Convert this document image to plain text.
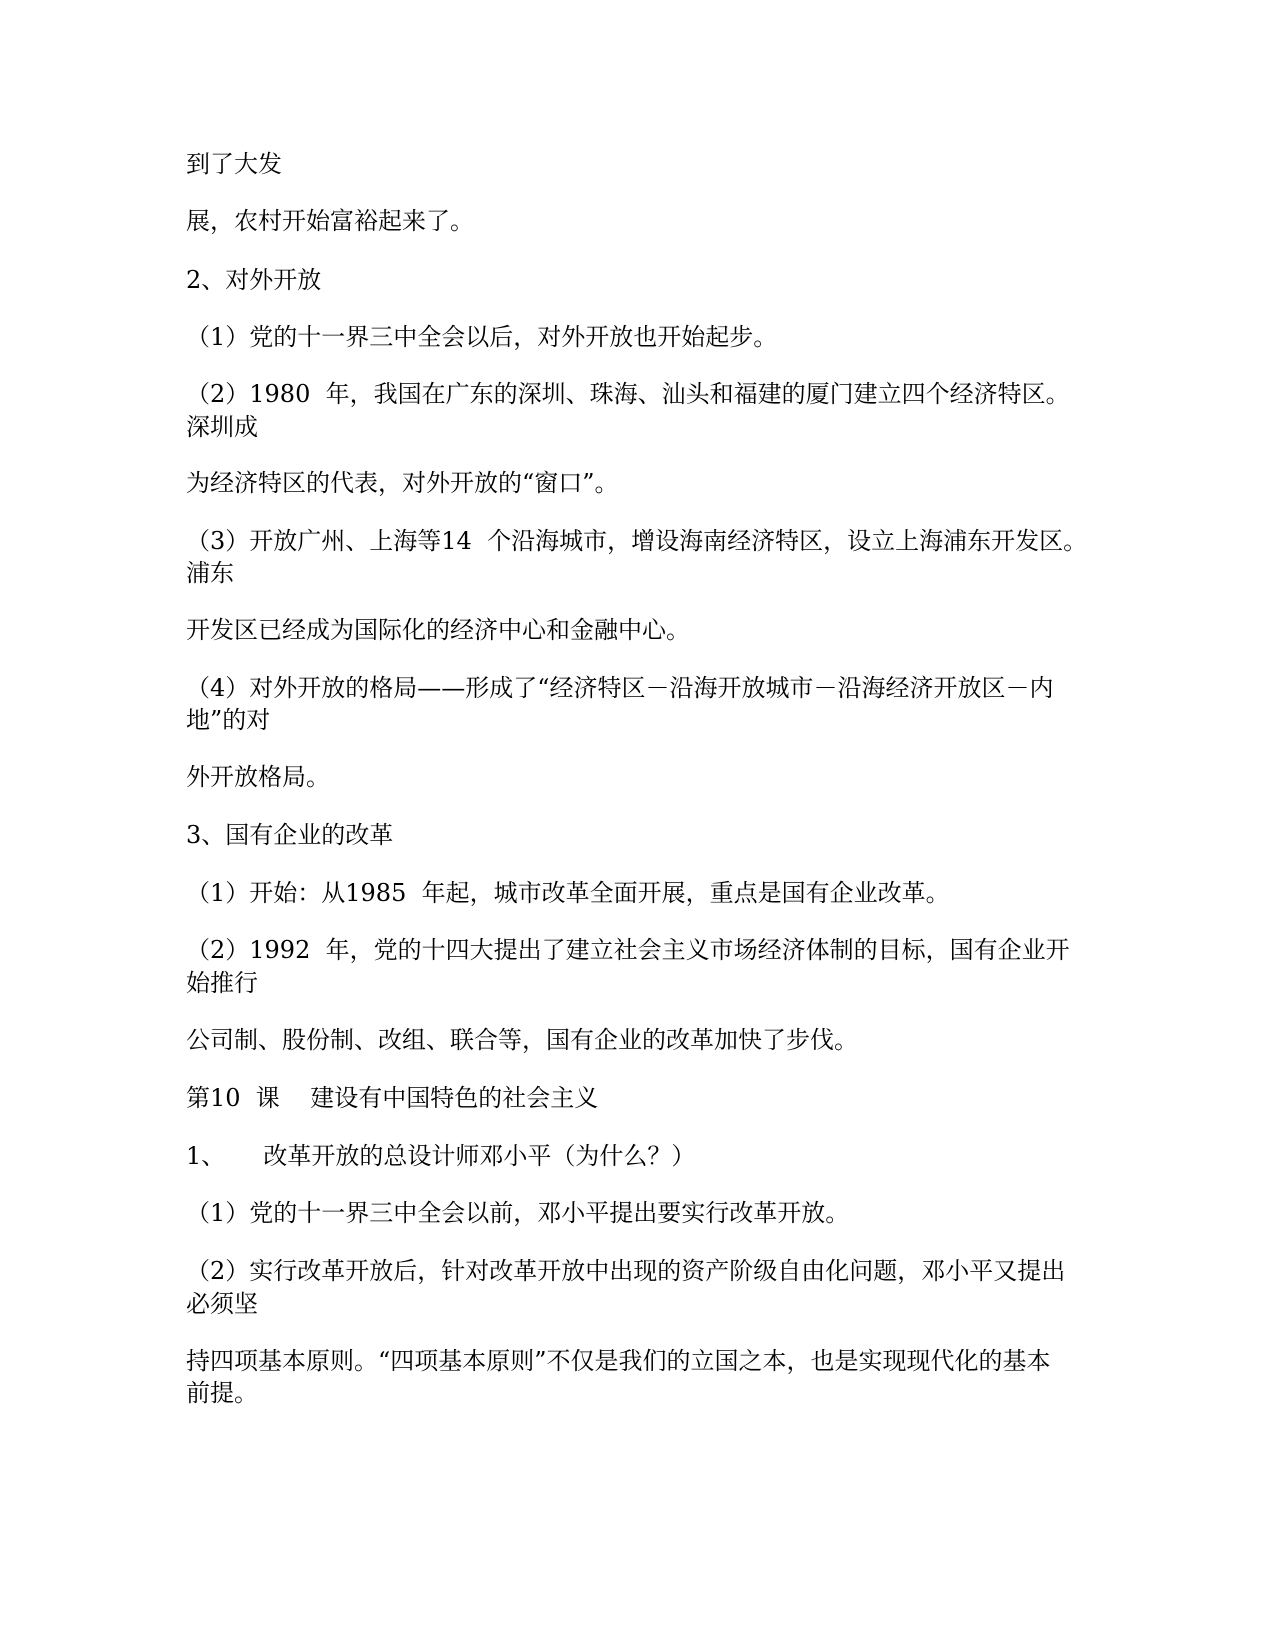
到了大发
展，农村开始富裕起来了。
2、对外开放
（1）党的十一界三中全会以后，对外开放也开始起步。
（2）1980  年，我国在广东的深圳、珠海、汕头和福建的厦门建立四个经济特区。
深圳成
为经济特区的代表，对外开放的“窗口”。
（3）开放广州、上海等14  个沿海城市，增设海南经济特区，设立上海浦东开发区。
浦东
开发区已经成为国际化的经济中心和金融中心。
（4）对外开放的格局——形成了“经济特区－沿海开放城市－沿海经济开放区－内
地”的对
外开放格局。
3、国有企业的改革
（1）开始：从1985  年起，城市改革全面开展，重点是国有企业改革。
（2）1992  年，党的十四大提出了建立社会主义市场经济体制的目标，国有企业开
始推行
公司制、股份制、改组、联合等，国有企业的改革加快了步伐。
第10  课    建设有中国特色的社会主义
1、     改革开放的总设计师邓小平（为什么？）
（1）党的十一界三中全会以前，邓小平提出要实行改革开放。
（2）实行改革开放后，针对改革开放中出现的资产阶级自由化问题，邓小平又提出
必须坚
持四项基本原则。“四项基本原则”不仅是我们的立国之本，也是实现现代化的基本
前提。
